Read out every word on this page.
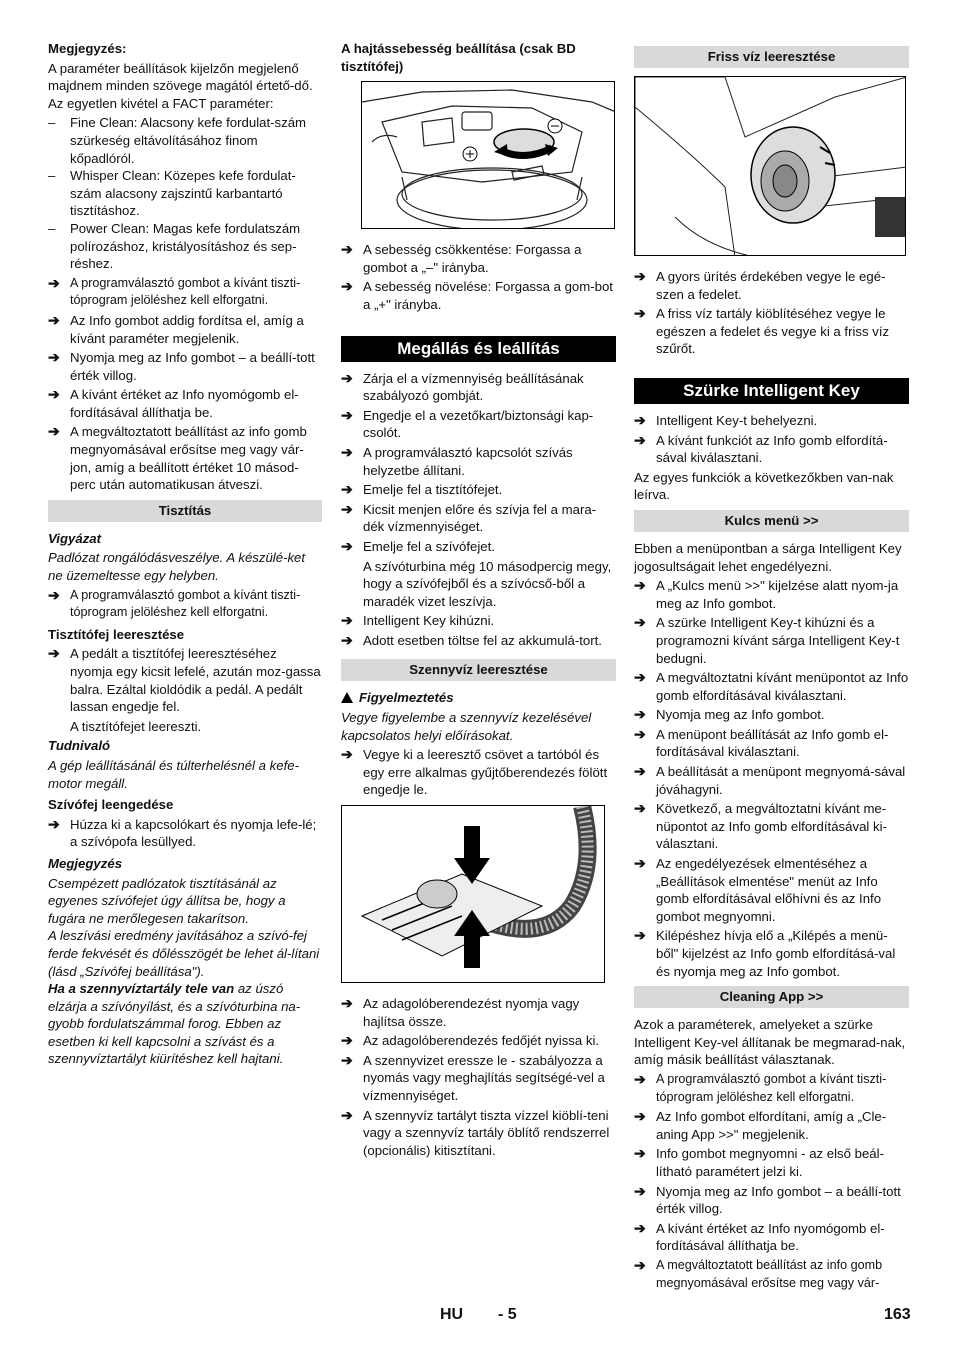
Megjegyzés:

A paraméter beállítások kijelzőn megjelenő majdnem minden szövege magától értető-dő. Az egyetlen kivétel a FACT paraméter:

–	Fine Clean: Alacsony kefe fordulat-szám szürkeség eltávolításához finom kőpadlóról.
–	Whisper Clean: Közepes kefe fordulat-szám alacsony zajszintű karbantartó tisztításhoz.
–	Power Clean: Magas kefe fordulatszám polírozáshoz, kristályosításhoz és sep-réshez.
➔ A programválasztó gombot a kívánt tiszti-tóprogram jelöléshez kell elforgatni.
➔ Az Info gombot addig fordítsa el, amíg a kívánt paraméter megjelenik.
➔ Nyomja meg az Info gombot – a beállí-tott érték villog.
➔ A kívánt értéket az Info nyomógomb el-fordításával állíthatja be.
➔ A megváltoztatott beállítást az info gomb megnyomásával erősítse meg vagy vár-jon, amíg a beállított értéket 10 másod-perc után automatikusan átveszi.
Tisztítás

Vigyázat

Padlózat rongálódásveszélye. A készülé-ket ne üzemeltesse egy helyben.

➔ A programválasztó gombot a kívánt tiszti-tóprogram jelöléshez kell elforgatni.

Tisztítófej leeresztése

➔ A pedált a tisztítófej leeresztéséhez nyomja egy kicsit lefelé, azután moz-gassa balra. Ezáltal kioldódik a pedál. A pedált lassan engedje fel.

A tisztítófejet leereszti.

Tudnivaló

A gép leállításánál és túlterhelésnél a kefe-motor megáll.

Szívófej leengedése

➔ Húzza ki a kapcsolókart és nyomja lefe-lé; a szívópofa lesüllyed.

Megjegyzés

Csempézett padlózatok tisztításánál az egyenes szívófejet úgy állítsa be, hogy a fugára ne merőlegesen takarítson.

A leszívási eredmény javításához a szívó-fej ferde fekvését és dőlésszögét be lehet ál-lítani (lásd „Szívófej beállítása").

Ha a szennyvíztartály tele van az úszó elzárja a szívónyílást, és a szívóturbina na-gyobb fordulatszámmal forog. Ebben az esetben ki kell kapcsolni a szívást és a szennyvíztartályt kiürítéshez kell hajtani.

A hajtássebesség beállítása (csak BD tisztítófej)

➔ A sebesség csökkentése: Forgassa a gombot a „–" irányba.
➔ A sebesség növelése: Forgassa a gom-bot a „+" irányba.
Megállás és leállítás
➔ Zárja el a vízmennyiség beállításának szabályozó gombját.
➔ Engedje el a vezetőkart/biztonsági kap-csolót.
➔ A programválasztó kapcsolót szívás helyzetbe állítani.
➔ Emelje fel a tisztítófejet.
➔ Kicsit menjen előre és szívja fel a mara-dék vízmennyiséget.
➔ Emelje fel a szívófejet.

A szívóturbina még 10 másodpercig megy, hogy a szívófejből és a szívócső-ből a maradék vizet leszívja.

➔ Intelligent Key kihúzni.
➔ Adott esetben töltse fel az akkumulá-tort.
Szennyvíz leeresztése

Figyelmeztetés

Vegye figyelembe a szennyvíz kezelésével kapcsolatos helyi előírásokat.

➔ Vegye ki a leeresztő csövet a tartóból és egy erre alkalmas gyűjtőberendezés fölött engedje le.
➔ Az adagolóberendezést nyomja vagy hajlítsa össze.
➔ Az adagolóberendezés fedőjét nyissa ki.
➔ A szennyvizet eressze le - szabályozza a nyomás vagy meghajlítás segítségé-vel a vízmennyiséget.
➔ A szennyvíz tartályt tiszta vízzel kiöblí-teni vagy a szennyvíz tartály öblítő rendszerrel (opcionális) kitisztítani.
Friss víz leeresztése
➔ A gyors ürítés érdekében vegye le egé-szen a fedelet.
➔ A friss víz tartály kiöblítéséhez vegye le egészen a fedelet és vegye ki a friss víz szűrőt.
Szürke Intelligent Key
➔ Intelligent Key-t behelyezni.
➔ A kívánt funkciót az Info gomb elfordítá-sával kiválasztani.

Az egyes funkciók a következőkben van-nak leírva.

Kulcs menü >>

Ebben a menüpontban a sárga Intelligent Key jogosultságait lehet engedélyezni.

➔ A „Kulcs menü >>" kijelzése alatt nyom-ja meg az Info gombot.
➔ A szürke Intelligent Key-t kihúzni és a programozni kívánt sárga Intelligent Key-t bedugni.
➔ A megváltoztatni kívánt menüpontot az Info gomb elfordításával kiválasztani.
➔ Nyomja meg az Info gombot.
➔ A menüpont beállítását az Info gomb el-fordításával kiválasztani.
➔ A beállítását a menüpont megnyomá-sával jóváhagyni.
➔ Következő, a megváltoztatni kívánt me-nüpontot az Info gomb elfordításával ki-választani.
➔ Az engedélyezések elmentéséhez a „Beállítások elmentése" menüt az Info gomb elfordításával előhívni és az Info gombot megnyomni.
➔ Kilépéshez hívja elő a „Kilépés a menü-ből" kijelzést az Info gomb elfordításá-val és nyomja meg az Info gombot.
Cleaning App >>

Azok a paraméterek, amelyeket a szürke Intelligent Key-vel állítanak be megmarad-nak, amíg másik beállítást választanak.

➔ A programválasztó gombot a kívánt tiszti-tóprogram jelöléshez kell elforgatni.
➔ Az Info gombot elfordítani, amíg a „Cle-aning App >>" megjelenik.
➔ Info gombot megnyomni - az első beál-lítható paramétert jelzi ki.
➔ Nyomja meg az Info gombot – a beállí-tott érték villog.
➔ A kívánt értéket az Info nyomógomb el-fordításával állíthatja be.
➔ A megváltoztatott beállítást az info gomb megnyomásával erősítse meg vagy vár-
HU - 5	163
